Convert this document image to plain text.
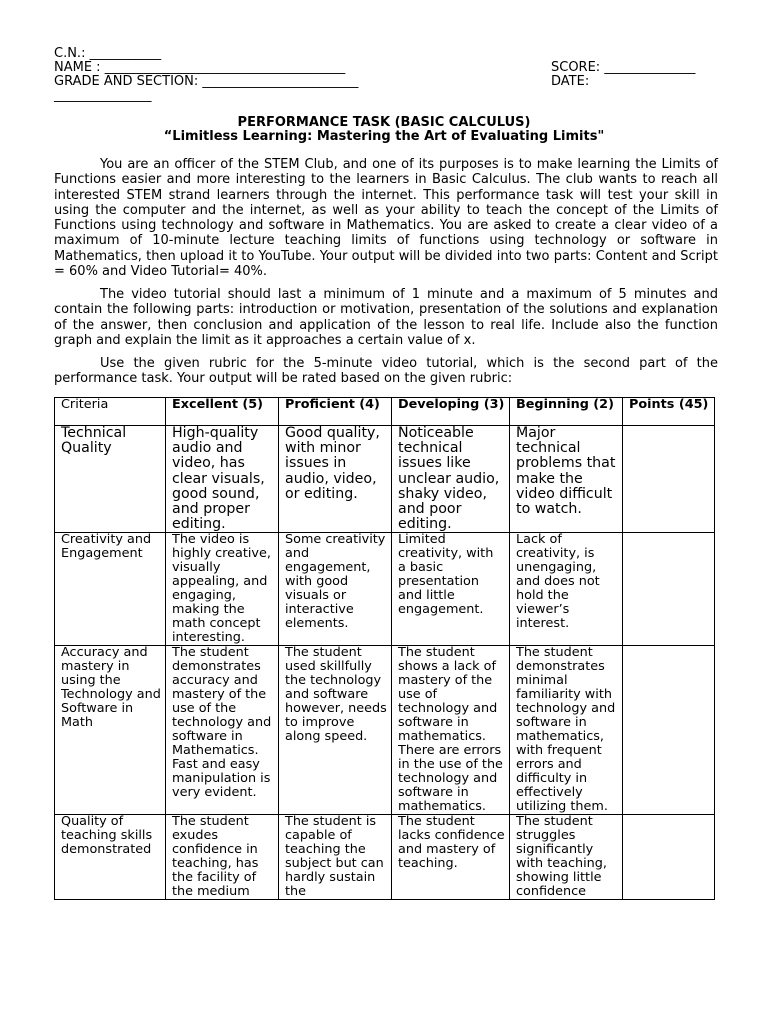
C.N.: ___________
NAME : _____________________________________
GRADE AND SECTION: ________________________
_______________
SCORE: ______________
DATE:
PERFORMANCE TASK (BASIC CALCULUS)
“Limitless Learning: Mastering the Art of Evaluating Limits"

You are an officer of the STEM Club, and one of its purposes is to make learning the Limits of Functions easier and more interesting to the learners in Basic Calculus. The club wants to reach all interested STEM strand learners through the internet. This performance task will test your skill in using the computer and the internet, as well as your ability to teach the concept of the Limits of Functions using technology and software in Mathematics. You are asked to create a clear video of a maximum of 10-minute lecture teaching limits of functions using technology or software in Mathematics, then upload it to YouTube. Your output will be divided into two parts: Content and Script = 60% and Video Tutorial= 40%.

The video tutorial should last a minimum of 1 minute and a maximum of 5 minutes and contain the following parts: introduction or motivation, presentation of the solutions and explanation of the answer, then conclusion and application of the lesson to real life. Include also the function graph and explain the limit as it approaches a certain value of x.

Use the given rubric for the 5-minute video tutorial, which is the second part of the performance task. Your output will be rated based on the given rubric:

Criteria	Excellent (5)	Proficient (4)	Developing (3)	Beginning (2)	Points (45)
Technical Quality	High-quality audio and video, has clear visuals, good sound, and proper editing.	Good quality, with minor issues in audio, video, or editing.	Noticeable technical issues like unclear audio, shaky video, and poor editing.	Major technical problems that make the video difficult to watch.	
Creativity and Engagement	The video is highly creative, visually appealing, and engaging, making the math concept interesting.	Some creativity and engagement, with good visuals or interactive elements.	Limited creativity, with a basic presentation and little engagement.	Lack of creativity, is unengaging, and does not hold the viewer’s interest.	
Accuracy and mastery in using the Technology and Software in Math	The student demonstrates accuracy and mastery of the use of the technology and software in Mathematics. Fast and easy manipulation is very evident.	The student used skillfully the technology and software however, needs to improve along speed.	The student shows a lack of mastery of the use of technology and software in mathematics. There are errors in the use of the technology and software in mathematics.	The student demonstrates minimal familiarity with technology and software in mathematics, with frequent errors and difficulty in effectively utilizing them.	
Quality of teaching skills demonstrated	The student exudes confidence in teaching, has the facility of the medium	The student is capable of teaching the subject but can hardly sustain the	The student lacks confidence and mastery of teaching.	The student struggles significantly with teaching, showing little confidence	
